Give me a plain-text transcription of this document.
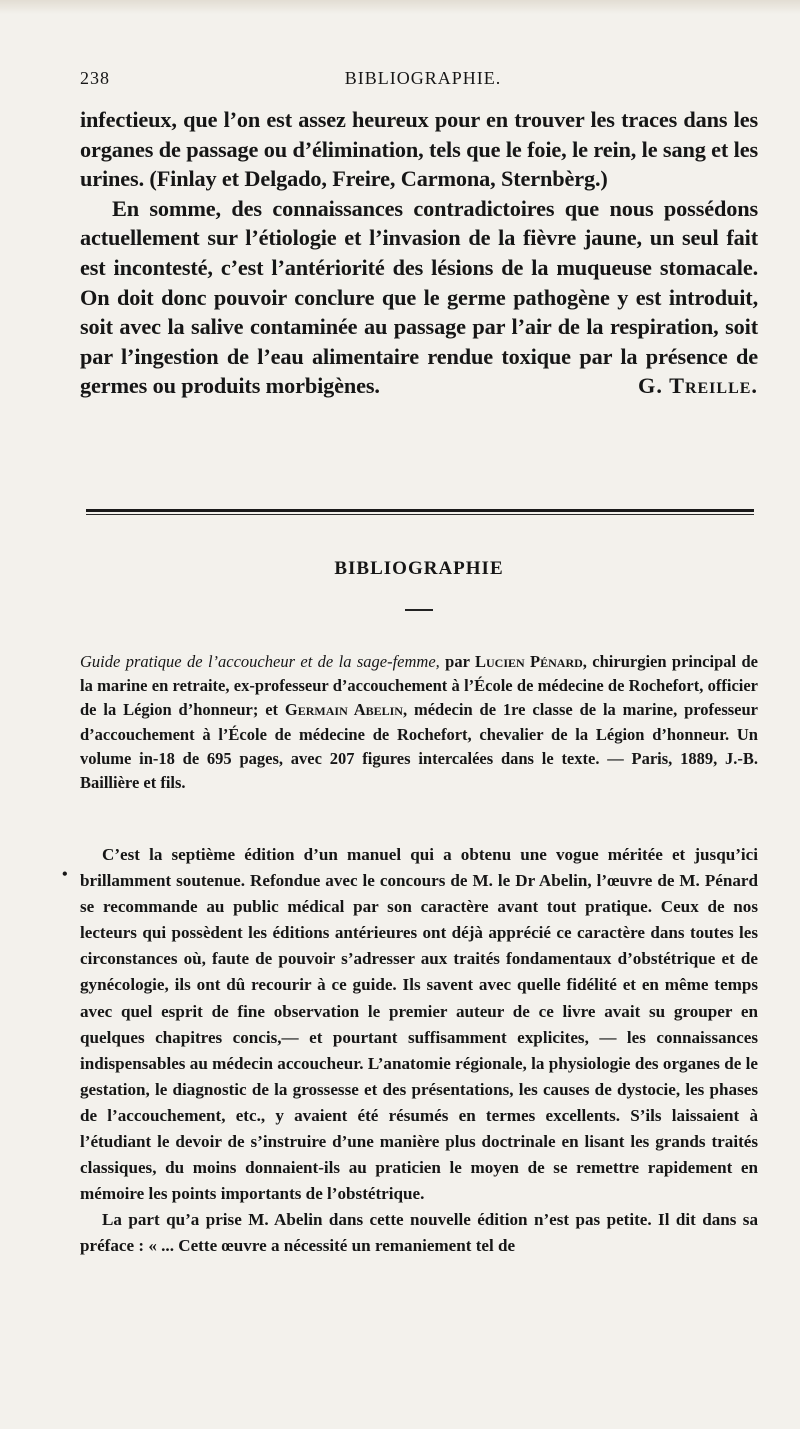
238	BIBLIOGRAPHIE.

infectieux, que l’on est assez heureux pour en trouver les traces dans les organes de passage ou d’élimination, tels que le foie, le rein, le sang et les urines. (Finlay et Delgado, Freire, Carmona, Sternbèrg.)

En somme, des connaissances contradictoires que nous possédons actuellement sur l’étiologie et l’invasion de la fièvre jaune, un seul fait est incontesté, c’est l’antériorité des lésions de la muqueuse stomacale. On doit donc pouvoir conclure que le germe pathogène y est introduit, soit avec la salive contaminée au passage par l’air de la respiration, soit par l’ingestion de l’eau alimentaire rendue toxique par la présence de germes ou produits morbigènes.	G. Treille.

BIBLIOGRAPHIE
Guide pratique de l’accoucheur et de la sage-femme, par Lucien Pénard, chirurgien principal de la marine en retraite, ex-professeur d’accouchement à l’École de médecine de Rochefort, officier de la Légion d’honneur; et Germain Abelin, médecin de 1re classe de la marine, professeur d’accouchement à l’École de médecine de Rochefort, chevalier de la Légion d’honneur. Un volume in-18 de 695 pages, avec 207 figures intercalées dans le texte. — Paris, 1889, J.-B. Baillière et fils.
•

C’est la septième édition d’un manuel qui a obtenu une vogue méritée et jusqu’ici brillamment soutenue. Refondue avec le concours de M. le Dr Abelin, l’œuvre de M. Pénard se recommande au public médical par son caractère avant tout pratique. Ceux de nos lecteurs qui possèdent les éditions antérieures ont déjà apprécié ce caractère dans toutes les circonstances où, faute de pouvoir s’adresser aux traités fondamentaux d’obstétrique et de gynécologie, ils ont dû recourir à ce guide. Ils savent avec quelle fidélité et en même temps avec quel esprit de fine observation le premier auteur de ce livre avait su grouper en quelques chapitres concis,— et pourtant suffisamment explicites, — les connaissances indispensables au médecin accoucheur. L’anatomie régionale, la physiologie des organes de le gestation, le diagnostic de la grossesse et des présentations, les causes de dystocie, les phases de l’accouchement, etc., y avaient été résumés en termes excellents. S’ils laissaient à l’étudiant le devoir de s’instruire d’une manière plus doctrinale en lisant les grands traités classiques, du moins donnaient-ils au praticien le moyen de se remettre rapidement en mémoire les points importants de l’obstétrique.

La part qu’a prise M. Abelin dans cette nouvelle édition n’est pas petite. Il dit dans sa préface : « ... Cette œuvre a nécessité un remaniement tel de
